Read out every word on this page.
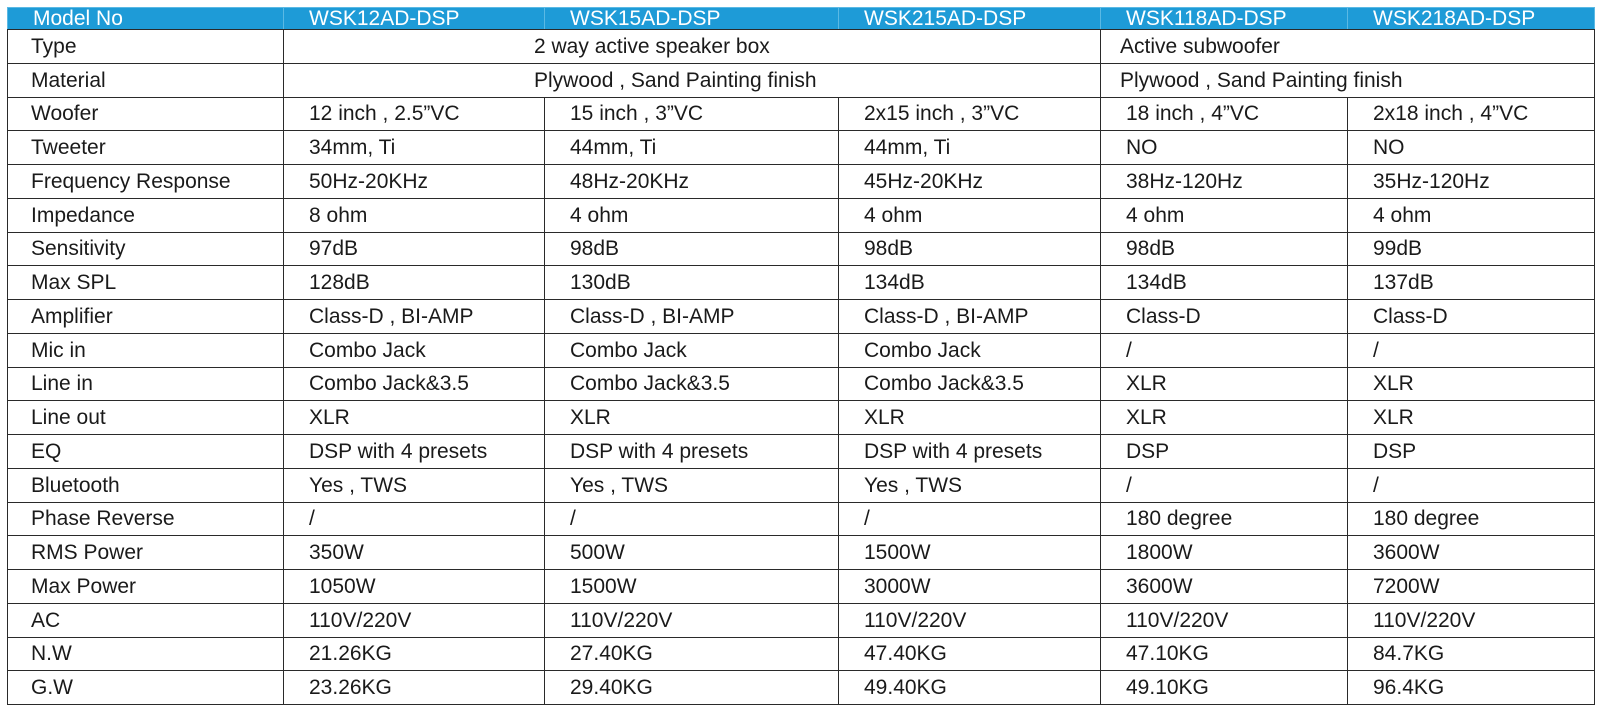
Model No	WSK12AD-DSP	WSK15AD-DSP	WSK215AD-DSP	WSK118AD-DSP	WSK218AD-DSP
Type	2 way active speaker box			Active subwoofer	
Material	Plywood , Sand Painting finish			Plywood , Sand Painting finish	
Woofer	12 inch , 2.5”VC	15 inch , 3”VC	2x15 inch , 3”VC	18 inch , 4”VC	2x18 inch , 4”VC
Tweeter	34mm, Ti	44mm, Ti	44mm, Ti	NO	NO
Frequency Response	50Hz-20KHz	48Hz-20KHz	45Hz-20KHz	38Hz-120Hz	35Hz-120Hz
Impedance	8 ohm	4 ohm	4 ohm	4 ohm	4 ohm
Sensitivity	97dB	98dB	98dB	98dB	99dB
Max SPL	128dB	130dB	134dB	134dB	137dB
Amplifier	Class-D , BI-AMP	Class-D , BI-AMP	Class-D , BI-AMP	Class-D	Class-D
Mic in	Combo Jack	Combo Jack	Combo Jack	/	/
Line in	Combo Jack&3.5	Combo Jack&3.5	Combo Jack&3.5	XLR	XLR
Line out	XLR	XLR	XLR	XLR	XLR
EQ	DSP with 4 presets	DSP with 4 presets	DSP with 4 presets	DSP	DSP
Bluetooth	Yes , TWS	Yes , TWS	Yes , TWS	/	/
Phase Reverse	/	/	/	180 degree	180 degree
RMS Power	350W	500W	1500W	1800W	3600W
Max Power	1050W	1500W	3000W	3600W	7200W
AC	110V/220V	110V/220V	110V/220V	110V/220V	110V/220V
N.W	21.26KG	27.40KG	47.40KG	47.10KG	84.7KG
G.W	23.26KG	29.40KG	49.40KG	49.10KG	96.4KG
